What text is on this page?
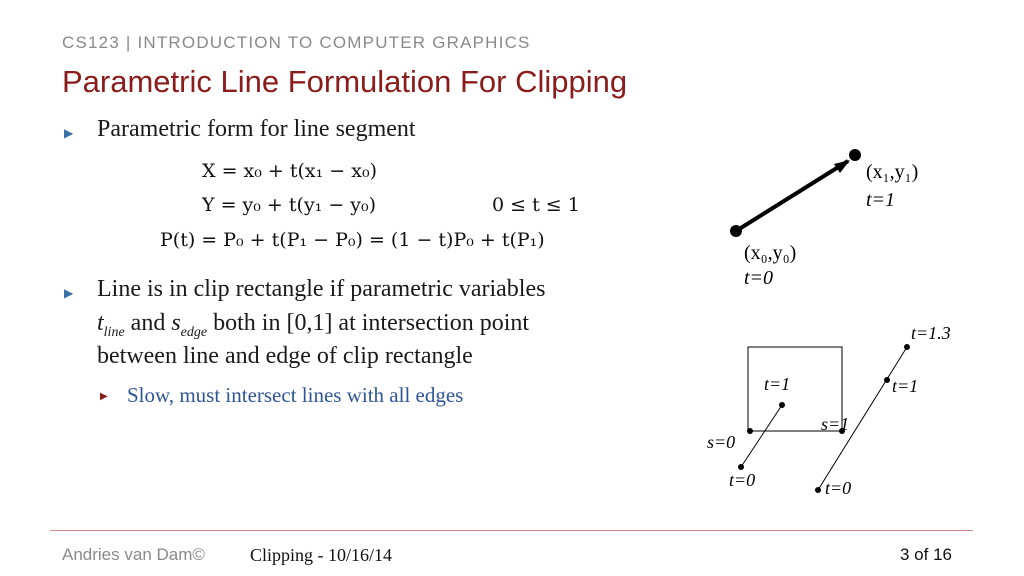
CS123 | INTRODUCTION TO COMPUTER GRAPHICS
Parametric Line Formulation For Clipping
▶ Parametric form for line segment
X = x₀ + t(x₁ − x₀)
Y = y₀ + t(y₁ − y₀)	0 ≤ t ≤ 1
P(t) = P₀ + t(P₁ − P₀) = (1 − t)P₀ + t(P₁)
▶ Line is in clip rectangle if parametric variables
$t_{line}$ and $s_{edge}$ both in [0,1] at intersection point
between line and edge of clip rectangle
▶ Slow, must intersect lines with all edges
(x₁,y₁)
t=1
(x₀,y₀)
t=0
t=1
s=1
s=0
t=0
t=1.3
t=1
t=0
Andries van Dam©	Clipping - 10/16/14	3 of 16
